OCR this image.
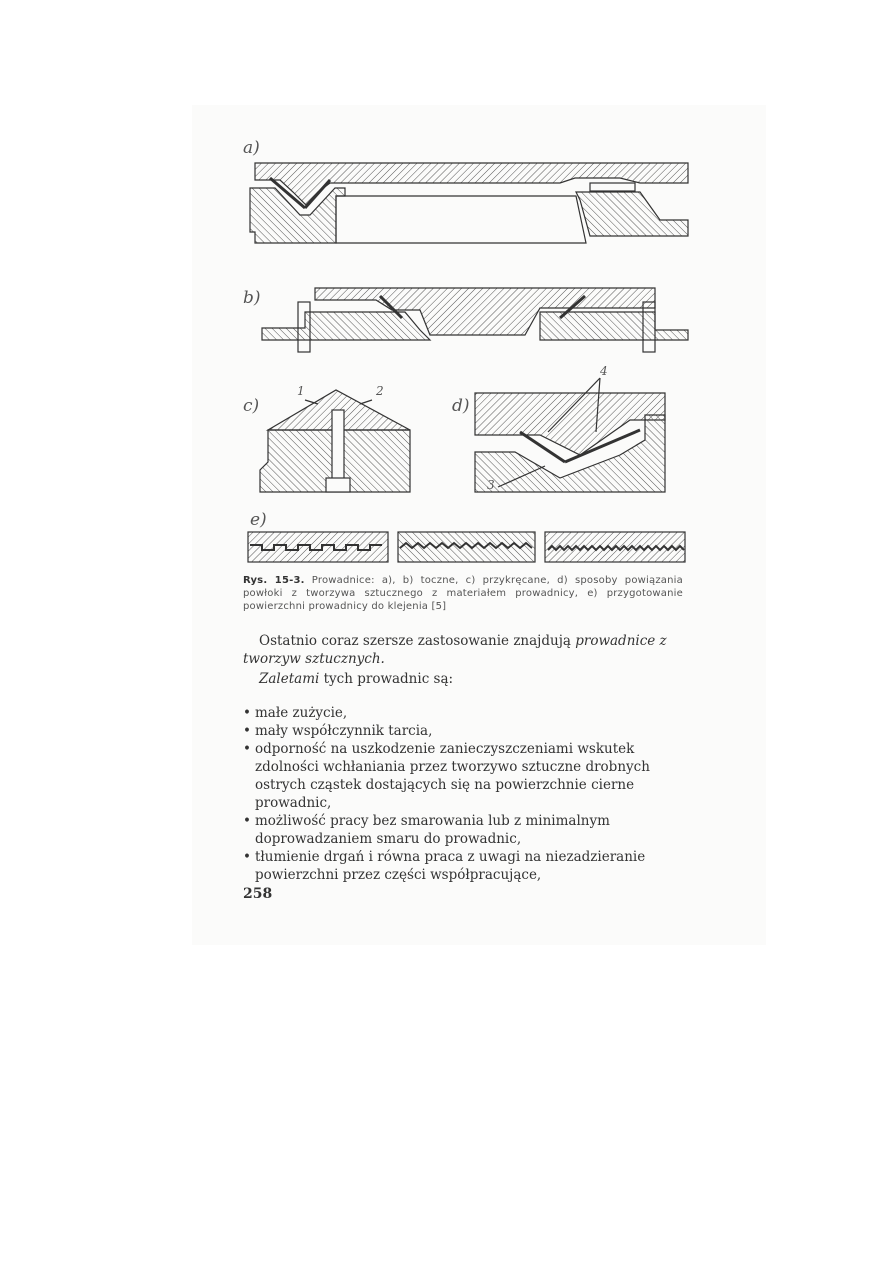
a)
b)
c)	d)
e)
1	2
3
4
Rys. 15-3. Prowadnice: a), b) toczne, c) przykręcane, d) sposoby powiązania powłoki z tworzywa sztucznego z materiałem prowadnicy, e) przygotowanie powierzchni prowadnicy do klejenia [5]
Ostatnio coraz szersze zastosowanie znajdują prowadnice z tworzyw sztucznych.
Zaletami tych prowadnic są:
• małe zużycie,
• mały współczynnik tarcia,
• odporność na uszkodzenie zanieczyszczeniami wskutek zdolności wchłaniania przez tworzywo sztuczne drobnych ostrych cząstek dostających się na powierzchnie cierne prowadnic,
• możliwość pracy bez smarowania lub z minimalnym doprowadzaniem smaru do prowadnic,
• tłumienie drgań i równa praca z uwagi na niezadzieranie powierzchni przez części współpracujące,
258
